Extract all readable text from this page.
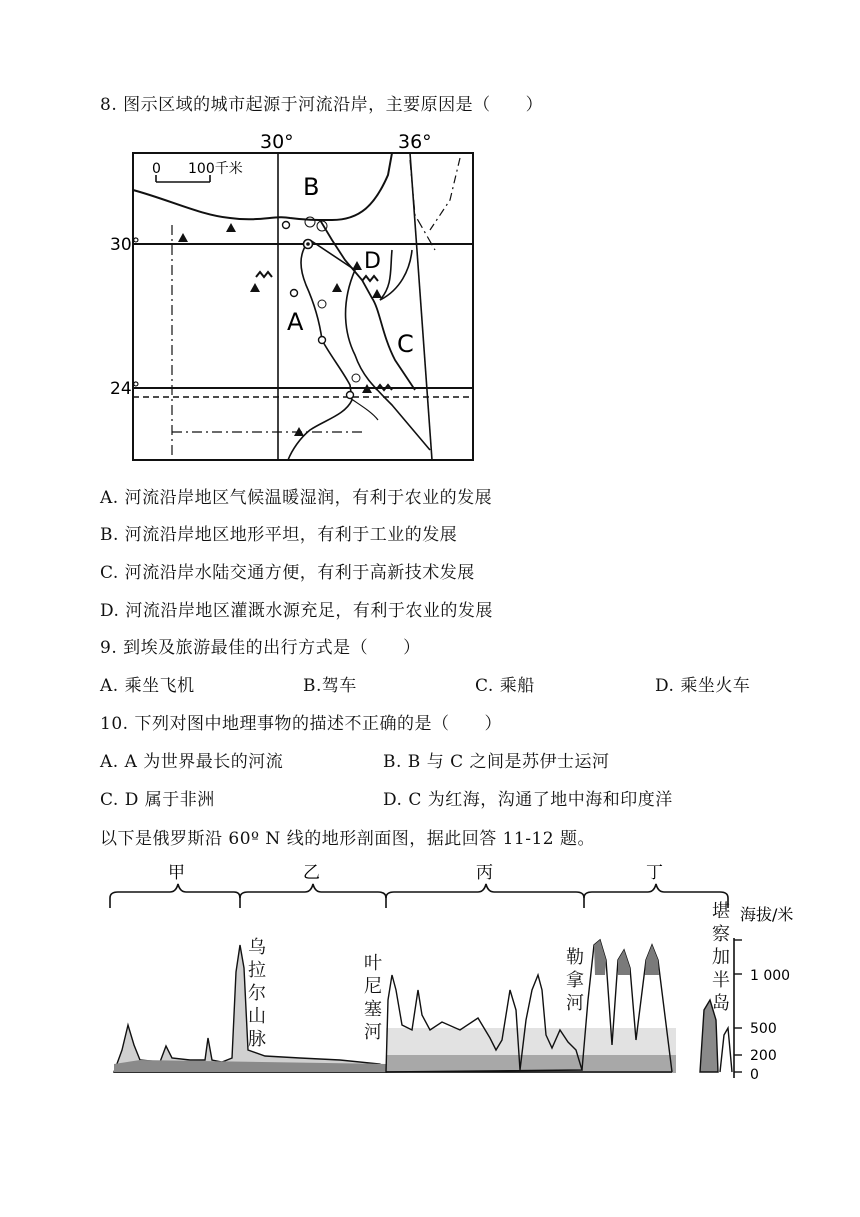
8. 图示区域的城市起源于河流沿岸，主要原因是（　　）
0 100千米
30°	36°
30°
24°
B
D
A
C
A. 河流沿岸地区气候温暖湿润，有利于农业的发展
B. 河流沿岸地区地形平坦，有利于工业的发展
C. 河流沿岸水陆交通方便，有利于高新技术发展
D. 河流沿岸地区灌溉水源充足，有利于农业的发展
9. 到埃及旅游最佳的出行方式是（　　）
A. 乘坐飞机	B.驾车	C. 乘船	D. 乘坐火车
10. 下列对图中地理事物的描述不正确的是（　　）
A. A 为世界最长的河流	B. B 与 C 之间是苏伊士运河
C. D 属于非洲	D. C 为红海，沟通了地中海和印度洋
以下是俄罗斯沿 60º N 线的地形剖面图，据此回答 11-12 题。
甲	乙	丙	丁
海拔/米
1 000
500
200
0
乌拉尔山脉
叶尼塞河
勒拿河
堪察加半岛
